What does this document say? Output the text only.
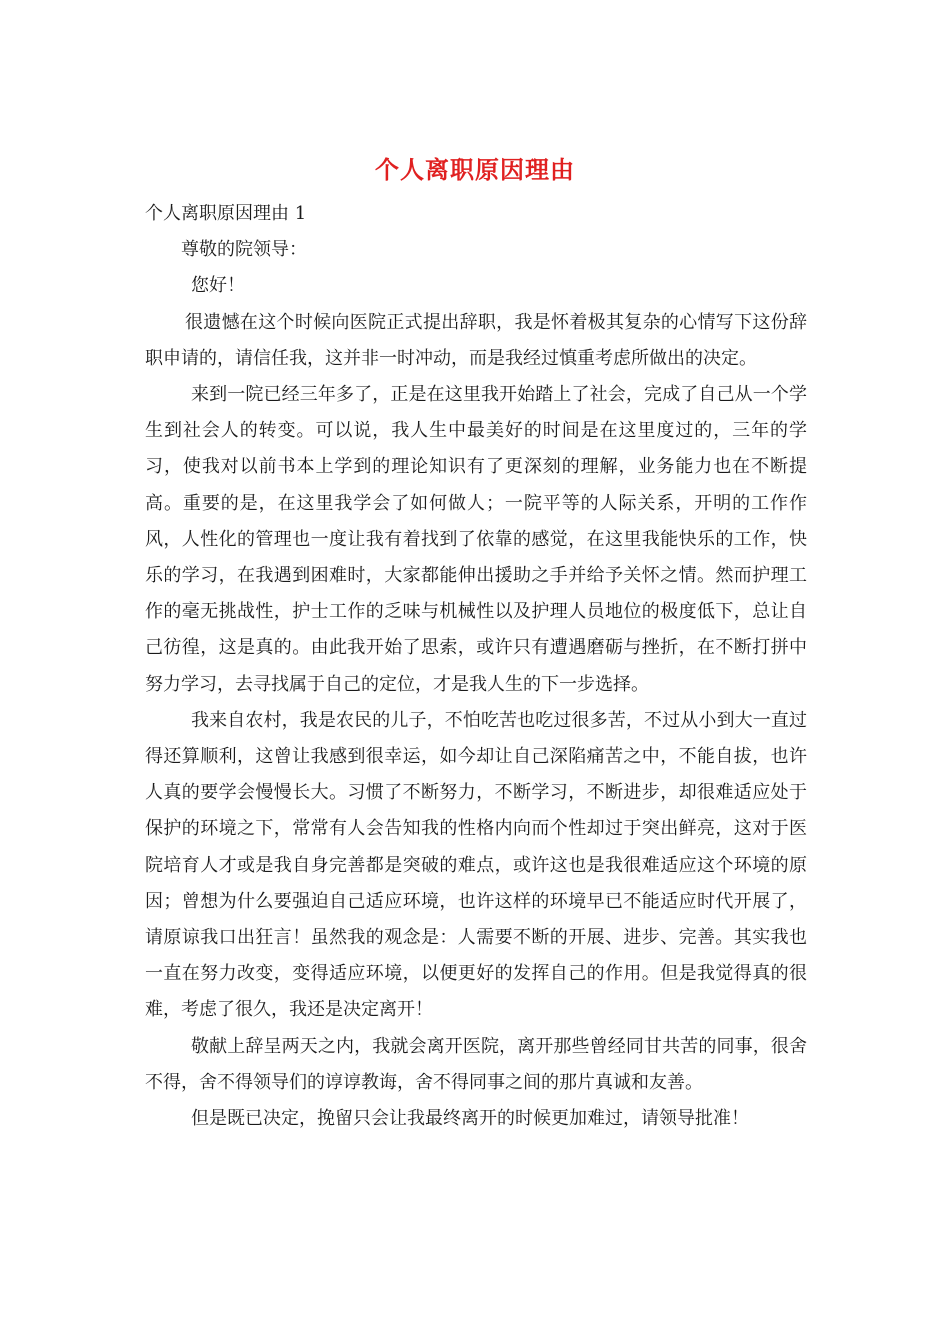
个人离职原因理由

个人离职原因理由 1

尊敬的院领导：

您好！

很遗憾在这个时候向医院正式提出辞职，我是怀着极其复杂的心情写下这份辞职申请的，请信任我，这并非一时冲动，而是我经过慎重考虑所做出的决定。

来到一院已经三年多了，正是在这里我开始踏上了社会，完成了自己从一个学生到社会人的转变。可以说，我人生中最美好的时间是在这里度过的，三年的学习，使我对以前书本上学到的理论知识有了更深刻的理解，业务能力也在不断提高。重要的是，在这里我学会了如何做人；一院平等的人际关系，开明的工作作风，人性化的管理也一度让我有着找到了依靠的感觉，在这里我能快乐的工作，快乐的学习，在我遇到困难时，大家都能伸出援助之手并给予关怀之情。然而护理工作的毫无挑战性，护士工作的乏味与机械性以及护理人员地位的极度低下，总让自己彷徨，这是真的。由此我开始了思索，或许只有遭遇磨砺与挫折，在不断打拼中努力学习，去寻找属于自己的定位，才是我人生的下一步选择。

我来自农村，我是农民的儿子，不怕吃苦也吃过很多苦，不过从小到大一直过得还算顺利，这曾让我感到很幸运，如今却让自己深陷痛苦之中，不能自拔，也许人真的要学会慢慢长大。习惯了不断努力，不断学习，不断进步，却很难适应处于保护的环境之下，常常有人会告知我的性格内向而个性却过于突出鲜亮，这对于医院培育人才或是我自身完善都是突破的难点，或许这也是我很难适应这个环境的原因；曾想为什么要强迫自己适应环境，也许这样的环境早已不能适应时代开展了，请原谅我口出狂言！虽然我的观念是：人需要不断的开展、进步、完善。其实我也一直在努力改变，变得适应环境，以便更好的发挥自己的作用。但是我觉得真的很难，考虑了很久，我还是决定离开！

敬献上辞呈两天之内，我就会离开医院，离开那些曾经同甘共苦的同事，很舍不得，舍不得领导们的谆谆教诲，舍不得同事之间的那片真诚和友善。

但是既已决定，挽留只会让我最终离开的时候更加难过，请领导批准！
